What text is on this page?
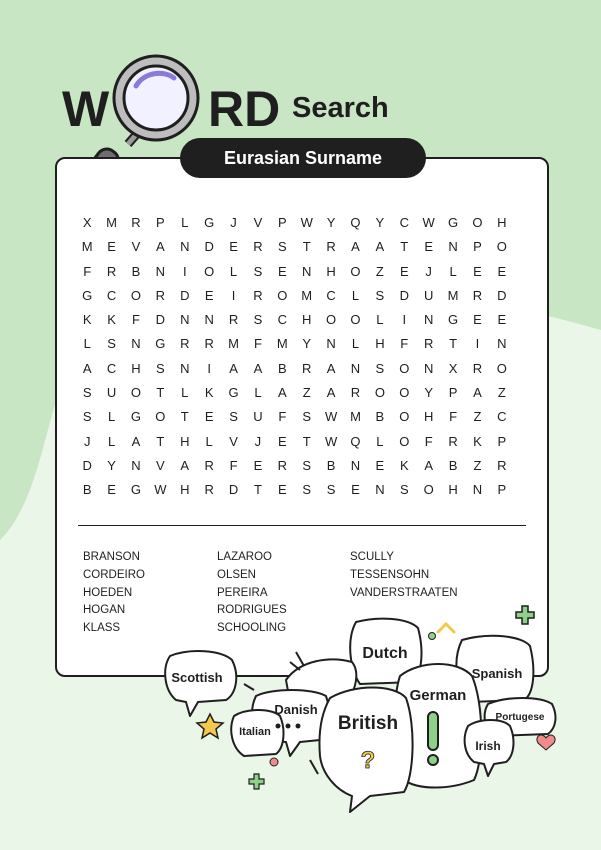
W RD Search
Eurasian Surname
X	M	R	P	L	G	J	V	P	W	Y	Q	Y	C	W	G	O	H
M	E	V	A	N	D	E	R	S	T	R	A	A	T	E	N	P	O
F	R	B	N	I	O	L	S	E	N	H	O	Z	E	J	L	E	E
G	C	O	R	D	E	I	R	O	M	C	L	S	D	U	M	R	D
K	K	F	D	N	N	R	S	C	H	O	O	L	I	N	G	E	E
L	S	N	G	R	R	M	F	M	Y	N	L	H	F	R	T	I	N
A	C	H	S	N	I	A	A	B	R	A	N	S	O	N	X	R	O
S	U	O	T	L	K	G	L	A	Z	A	R	O	O	Y	P	A	Z
S	L	G	O	T	E	S	U	F	S	W M	B	O	H	F	Z	C
J	L	A	T	H	L	V	J	E	T	W	Q	L	O	F	R	K	P
D	Y	N	V	A	R	F	E	R	S	B	N	E	K	A	B	Z	R
B	E	G	W	H	R	D	T	E	S	S	E	N	S	O	H	N	P
BRANSON
CORDEIRO
HOEDEN
HOGAN
KLASS
LAZAROO
OLSEN
PEREIRA
RODRIGUES
SCHOOLING
SCULLY
TESSENSOHN
VANDERSTRAATEN
Scottish
Dutch
Spanish
German
Danish
Italian	British
Irish
Portugese
?
